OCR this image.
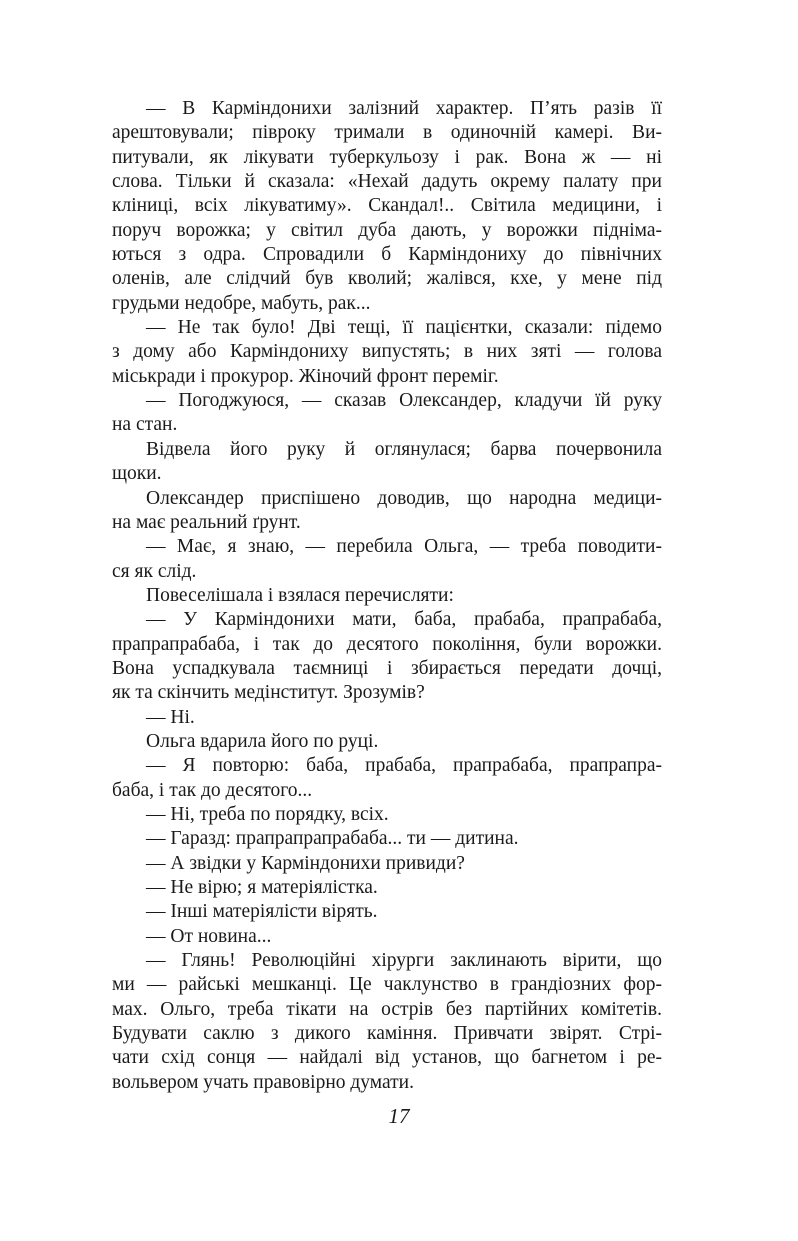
— В Карміндонихи залізний характер. П’ять разів її
арештовували; півроку тримали в одиночній камері. Ви-
питували, як лікувати туберкульозу і рак. Вона ж — ні
слова. Тільки й сказала: «Нехай дадуть окрему палату при
кліниці, всіх лікуватиму». Скандал!.. Світила медицини, і
поруч ворожка; у світил дуба дають, у ворожки підніма-
ються з одра. Спровадили б Карміндониху до північних
оленів, але слідчий був кволий; жалівся, кхе, у мене під
грудьми недобре, мабуть, рак...
— Не так було! Дві тещі, її пацієнтки, сказали: підемо
з дому або Карміндониху випустять; в них зяті — голова
міськради і прокурор. Жіночий фронт переміг.
— Погоджуюся, — сказав Олександер, кладучи їй руку
на стан.
Відвела його руку й оглянулася; барва почервонила
щоки.
Олександер приспішено доводив, що народна медици-
на має реальний ґрунт.
— Має, я знаю, — перебила Ольга, — треба поводити-
ся як слід.
Повеселішала і взялася перечисляти:
— У Карміндонихи мати, баба, прабаба, прапрабаба,
прапрапрабаба, і так до десятого покоління, були ворожки.
Вона успадкувала таємниці і збирається передати дочці,
як та скінчить медінститут. Зрозумів?
— Ні.
Ольга вдарила його по руці.
— Я повторю: баба, прабаба, прапрабаба, прапрапра-
баба, і так до десятого...
— Ні, треба по порядку, всіх.
— Гаразд: прапрапрапрабаба... ти — дитина.
— А звідки у Карміндонихи привиди?
— Не вірю; я матеріялістка.
— Інші матеріялісти вірять.
— От новина...
— Глянь! Революційні хірурги заклинають вірити, що
ми — райські мешканці. Це чаклунство в грандіозних фор-
мах. Ольго, треба тікати на острів без партійних комітетів.
Будувати саклю з дикого каміння. Привчати звірят. Стрі-
чати схід сонця — найдалі від установ, що багнетом і ре-
вольвером учать правовірно думати.
17
